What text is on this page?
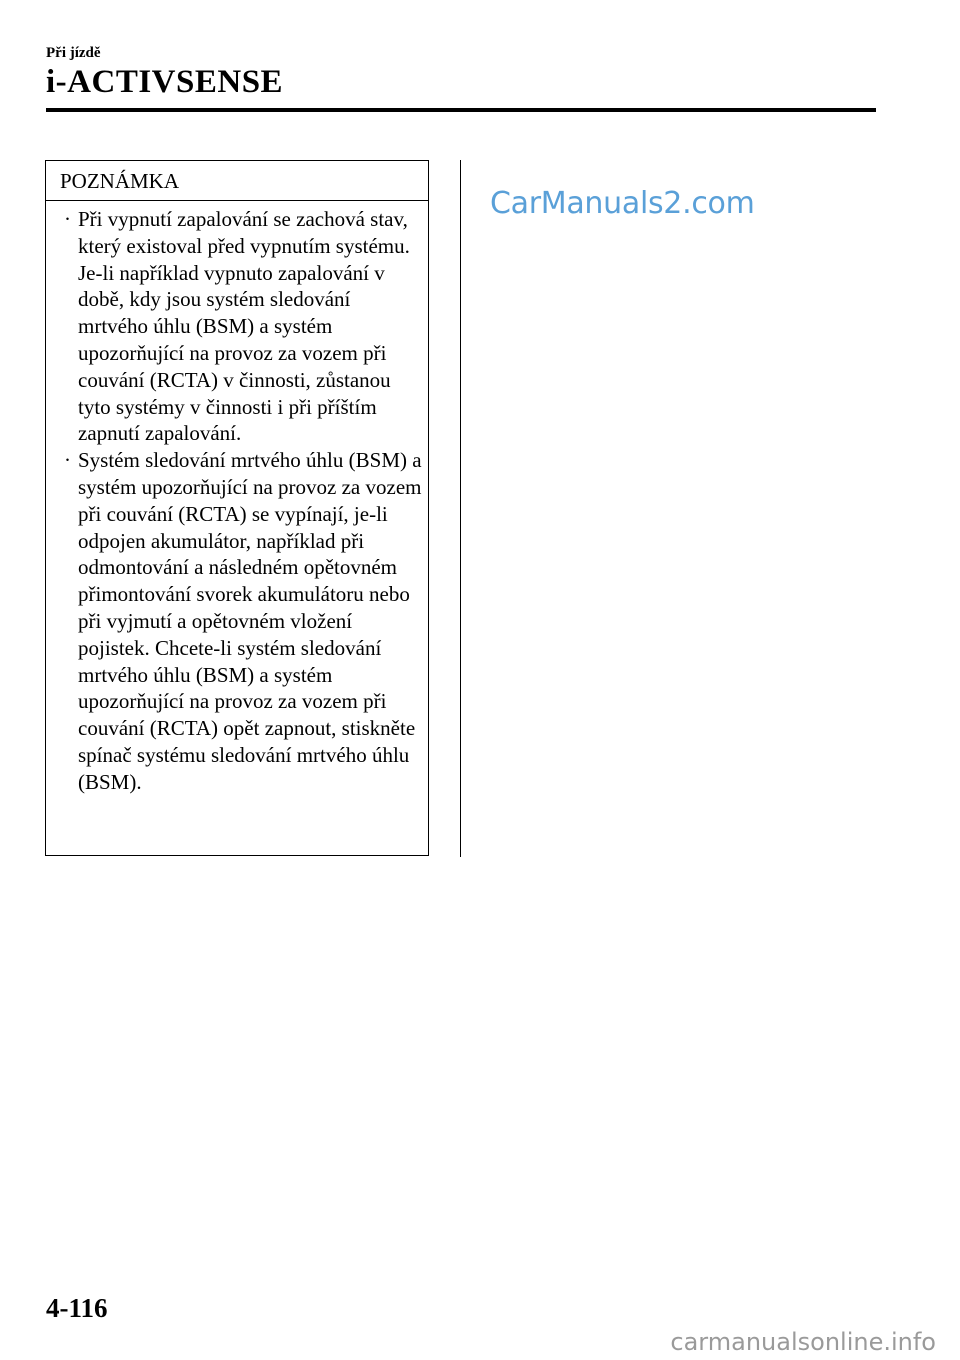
Při jízdě
i-ACTIVSENSE
POZNÁMKA
· Při vypnutí zapalování se zachová stav, který existoval před vypnutím systému. Je-li například vypnuto zapalování v době, kdy jsou systém sledování mrtvého úhlu (BSM) a systém upozorňující na provoz za vozem při couvání (RCTA) v činnosti, zůstanou tyto systémy v činnosti i při příštím zapnutí zapalování.
· Systém sledování mrtvého úhlu (BSM) a systém upozorňující na provoz za vozem při couvání (RCTA) se vypínají, je-li odpojen akumulátor, například při odmontování a následném opětovném přimontování svorek akumulátoru nebo při vyjmutí a opětovném vložení pojistek. Chcete-li systém sledování mrtvého úhlu (BSM) a systém upozorňující na provoz za vozem při couvání (RCTA) opět zapnout, stiskněte spínač systému sledování mrtvého úhlu (BSM).
CarManuals2.com
4-116
carmanualsonline.info
